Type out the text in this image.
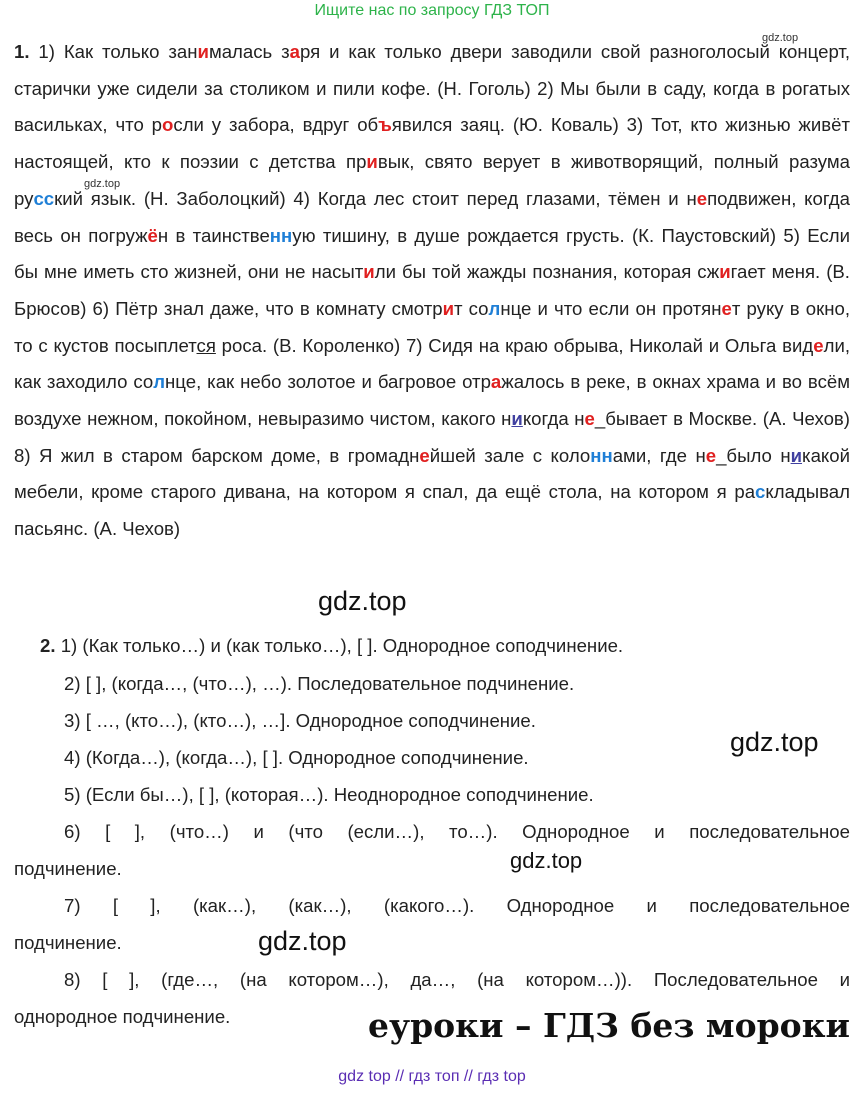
Ищите нас по запросу ГДЗ ТОП
gdz.top
gdz.top
1. 1) Как только занималась заря и как только двери заводили свой разноголосый концерт, старички уже сидели за столиком и пили кофе. (Н. Гоголь) 2) Мы были в саду, когда в рогатых васильках, что росли у забора, вдруг объявился заяц. (Ю. Коваль) 3) Тот, кто жизнью живёт настоящей, кто к поэзии с детства привык, свято верует в животворящий, полный разума русский язык. (Н. Заболоцкий) 4) Когда лес стоит перед глазами, тёмен и неподвижен, когда весь он погружён в таинственную тишину, в душе рождается грусть. (К. Паустовский) 5) Если бы мне иметь сто жизней, они не насытили бы той жажды познания, которая сжигает меня. (В. Брюсов) 6) Пётр знал даже, что в комнату смотрит солнце и что если он протянет руку в окно, то с кустов посыплется роса. (В. Короленко) 7) Сидя на краю обрыва, Николай и Ольга видели, как заходило солнце, как небо золотое и багровое отражалось в реке, в окнах храма и во всём воздухе нежном, покойном, невыразимо чистом, какого никогда не_бывает в Москве. (А. Чехов) 8) Я жил в старом барском доме, в громаднейшей зале с колоннами, где не_было никакой мебели, кроме старого дивана, на котором я спал, да ещё стола, на котором я раскладывал пасьянс. (А. Чехов)
gdz.top
2. 1) (Как только…) и (как только…), [ ]. Однородное соподчинение.
2) [ ], (когда…, (что…), …). Последовательное подчинение.
3) [ …, (кто…), (кто…), …]. Однородное соподчинение.
gdz.top
4) (Когда…), (когда…), [ ]. Однородное соподчинение.
5) (Если бы…), [ ], (которая…). Неоднородное соподчинение.
6) [ ], (что…) и (что (если…), то…). Однородное и последовательное
подчинение.	gdz.top
7) [ ], (как…), (как…), (какого…). Однородное и последовательное
подчинение.	gdz.top
8) [ ], (где…, (на котором…), да…, (на котором…)). Последовательное и
однородное подчинение.	еуроки – ГДЗ без мороки
gdz top // гдз топ // гдз top
